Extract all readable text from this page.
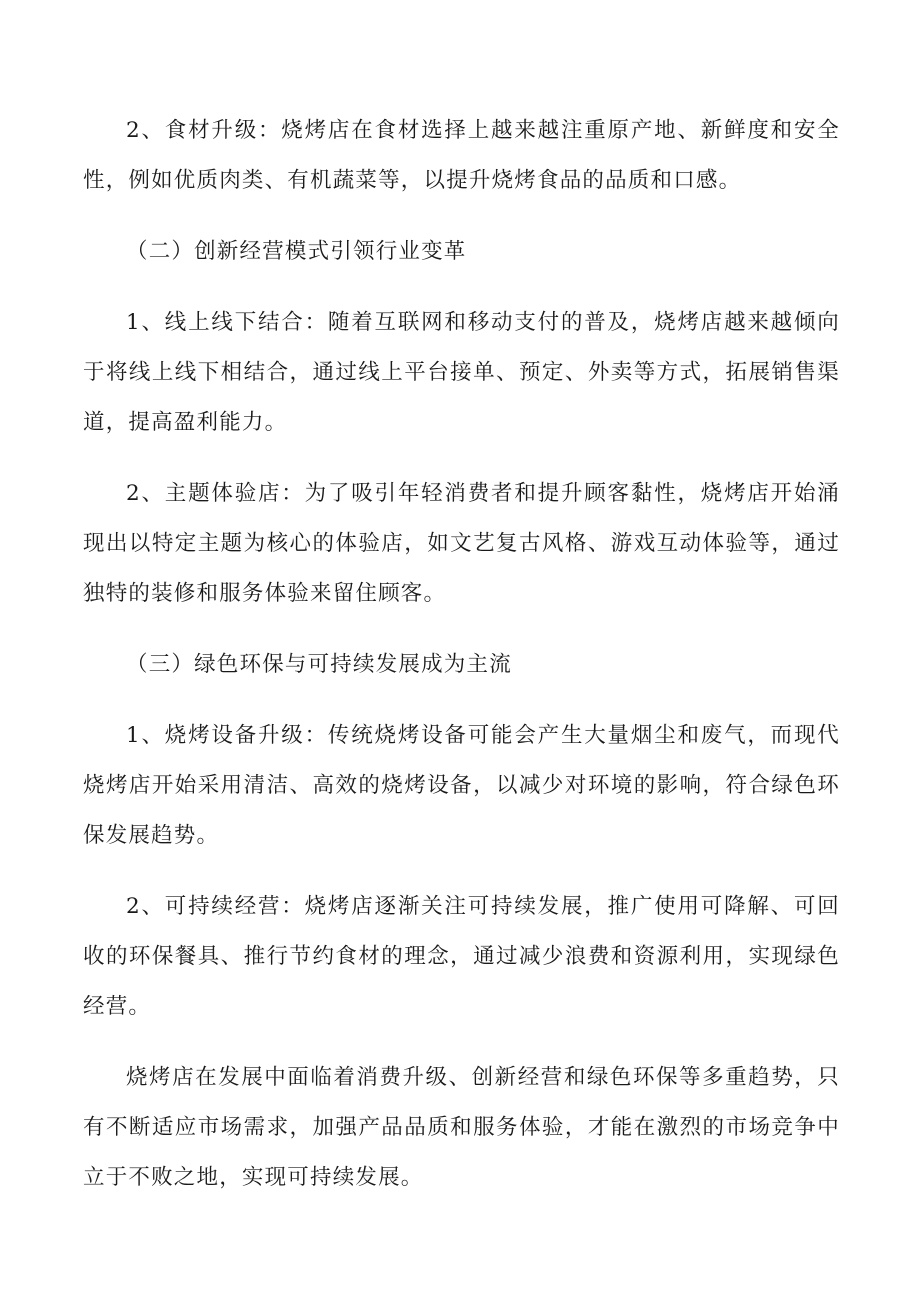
2、食材升级：烧烤店在食材选择上越来越注重原产地、新鲜度和安全性，例如优质肉类、有机蔬菜等，以提升烧烤食品的品质和口感。

（二）创新经营模式引领行业变革

1、线上线下结合：随着互联网和移动支付的普及，烧烤店越来越倾向于将线上线下相结合，通过线上平台接单、预定、外卖等方式，拓展销售渠道，提高盈利能力。

2、主题体验店：为了吸引年轻消费者和提升顾客黏性，烧烤店开始涌现出以特定主题为核心的体验店，如文艺复古风格、游戏互动体验等，通过独特的装修和服务体验来留住顾客。

（三）绿色环保与可持续发展成为主流

1、烧烤设备升级：传统烧烤设备可能会产生大量烟尘和废气，而现代烧烤店开始采用清洁、高效的烧烤设备，以减少对环境的影响，符合绿色环保发展趋势。

2、可持续经营：烧烤店逐渐关注可持续发展，推广使用可降解、可回收的环保餐具、推行节约食材的理念，通过减少浪费和资源利用，实现绿色经营。

烧烤店在发展中面临着消费升级、创新经营和绿色环保等多重趋势，只有不断适应市场需求，加强产品品质和服务体验，才能在激烈的市场竞争中立于不败之地，实现可持续发展。
